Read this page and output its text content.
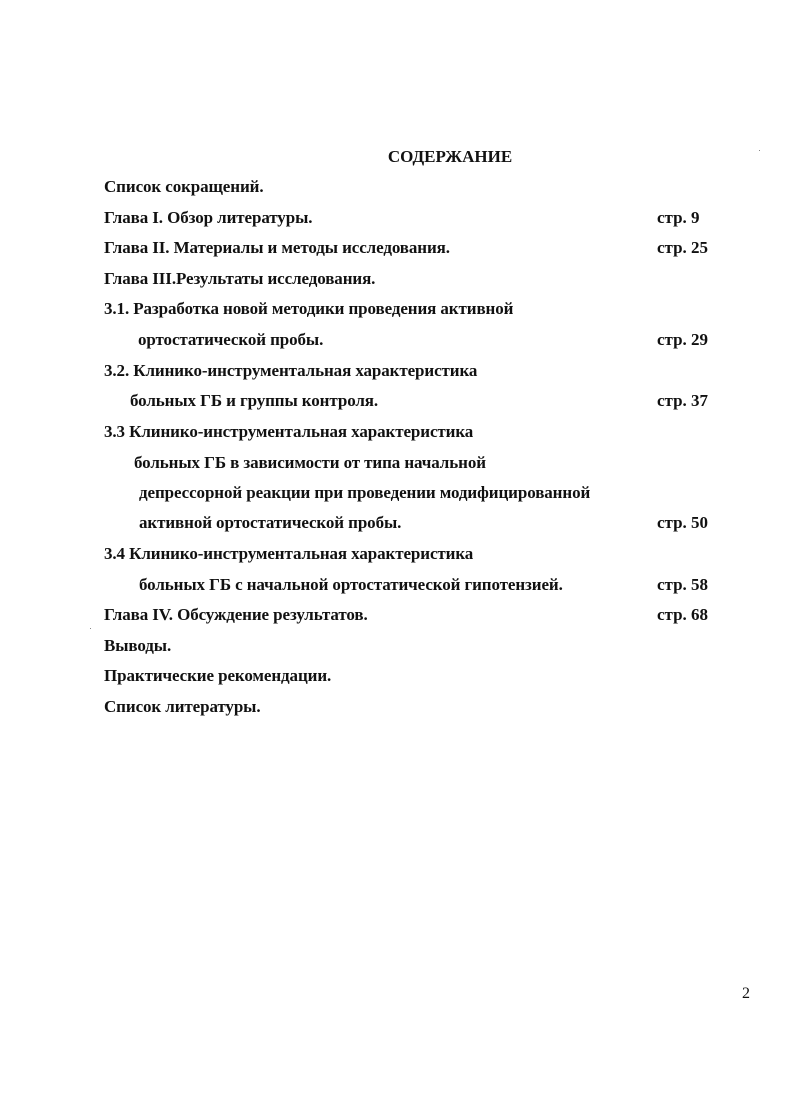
СОДЕРЖАНИЕ
Список сокращений.
Глава I. Обзор литературы.	стр. 9
Глава II. Материалы и методы исследования.	стр. 25
Глава III.Результаты исследования.
3.1. Разработка новой методики проведения активной
ортостатической пробы.	стр. 29
3.2. Клинико-инструментальная характеристика
больных ГБ и группы контроля.	стр. 37
3.3 Клинико-инструментальная характеристика
больных ГБ в зависимости от типа начальной
депрессорной реакции при проведении модифицированной
активной ортостатической пробы.	стр. 50
3.4 Клинико-инструментальная характеристика
больных ГБ с начальной ортостатической гипотензией.	стр. 58
Глава IV. Обсуждение результатов.	стр. 68
Выводы.
Практические рекомендации.
Список литературы.
2
